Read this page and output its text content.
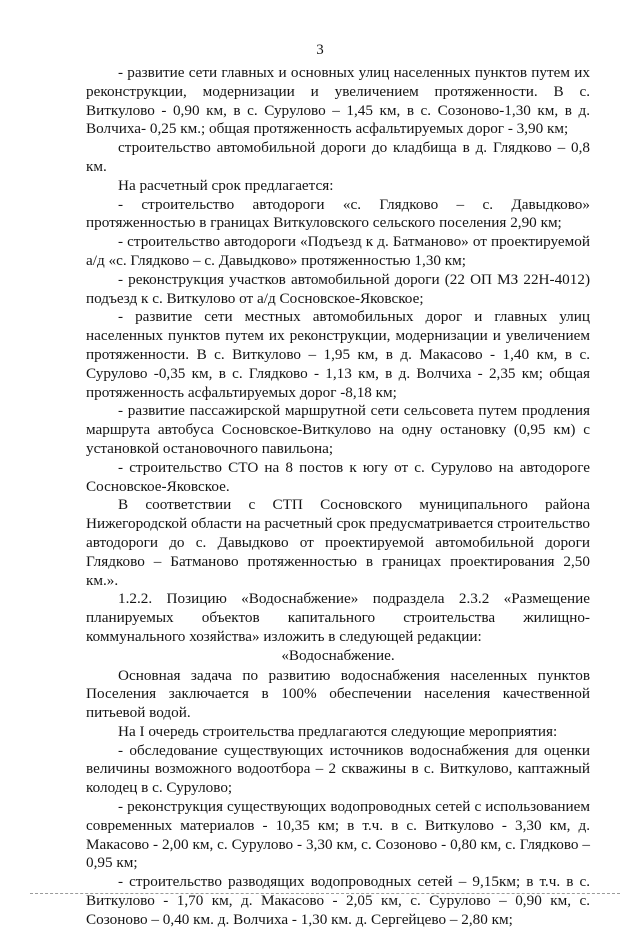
3

- развитие сети главных и основных улиц населенных пунктов путем их реконструкции, модернизации и увеличением протяженности. В с. Виткулово - 0,90 км, в с. Сурулово – 1,45 км, в с. Созоново-1,30 км, в д. Волчиха- 0,25 км.; общая протяженность асфальтируемых дорог - 3,90 км;

строительство автомобильной дороги до кладбища в д. Глядково – 0,8 км.

На расчетный срок предлагается:

- строительство автодороги «с. Глядково – с. Давыдково» протяженностью в границах Виткуловского сельского поселения 2,90 км;

- строительство автодороги «Подъезд к д. Батманово» от проектируемой а/д «с. Глядково – с. Давыдково» протяженностью 1,30 км;

- реконструкция участков автомобильной дороги (22 ОП МЗ 22Н-4012) подъезд к с. Виткулово от а/д Сосновское-Яковское;

- развитие сети местных автомобильных дорог и главных улиц населенных пунктов путем их реконструкции, модернизации и увеличением протяженности. В с. Виткулово – 1,95 км, в д. Макасово - 1,40 км, в с. Сурулово -0,35 км, в с. Глядково - 1,13 км, в д. Волчиха - 2,35 км; общая протяженность асфальтируемых дорог -8,18 км;

- развитие пассажирской маршрутной сети сельсовета путем продления маршрута автобуса Сосновское-Виткулово на одну остановку (0,95 км) с установкой остановочного павильона;

- строительство СТО на 8 постов к югу от с. Сурулово на автодороге Сосновское-Яковское.

В соответствии с СТП Сосновского муниципального района Нижегородской области на расчетный срок предусматривается строительство автодороги до с. Давыдково от проектируемой автомобильной дороги Глядково – Батманово протяженностью в границах проектирования 2,50 км.».

1.2.2. Позицию «Водоснабжение» подраздела 2.3.2 «Размещение планируемых объектов капитального строительства жилищно-коммунального хозяйства» изложить в следующей редакции:

«Водоснабжение.

Основная задача по развитию водоснабжения населенных пунктов Поселения заключается в 100% обеспечении населения качественной питьевой водой.

На I очередь строительства предлагаются следующие мероприятия:

- обследование существующих источников водоснабжения для оценки величины возможного водоотбора – 2 скважины в с. Виткулово, каптажный колодец в с. Сурулово;

- реконструкция существующих водопроводных сетей с использованием современных материалов - 10,35 км; в т.ч. в с. Виткулово - 3,30 км, д. Макасово - 2,00 км, с. Сурулово - 3,30 км, с. Созоново - 0,80 км, с. Глядково – 0,95 км;

- строительство разводящих водопроводных сетей – 9,15км; в т.ч. в с. Виткулово - 1,70 км, д. Макасово - 2,05 км, с. Сурулово – 0,90 км, с. Созоново – 0,40 км. д. Волчиха - 1,30 км. д. Сергейцево – 2,80 км;
